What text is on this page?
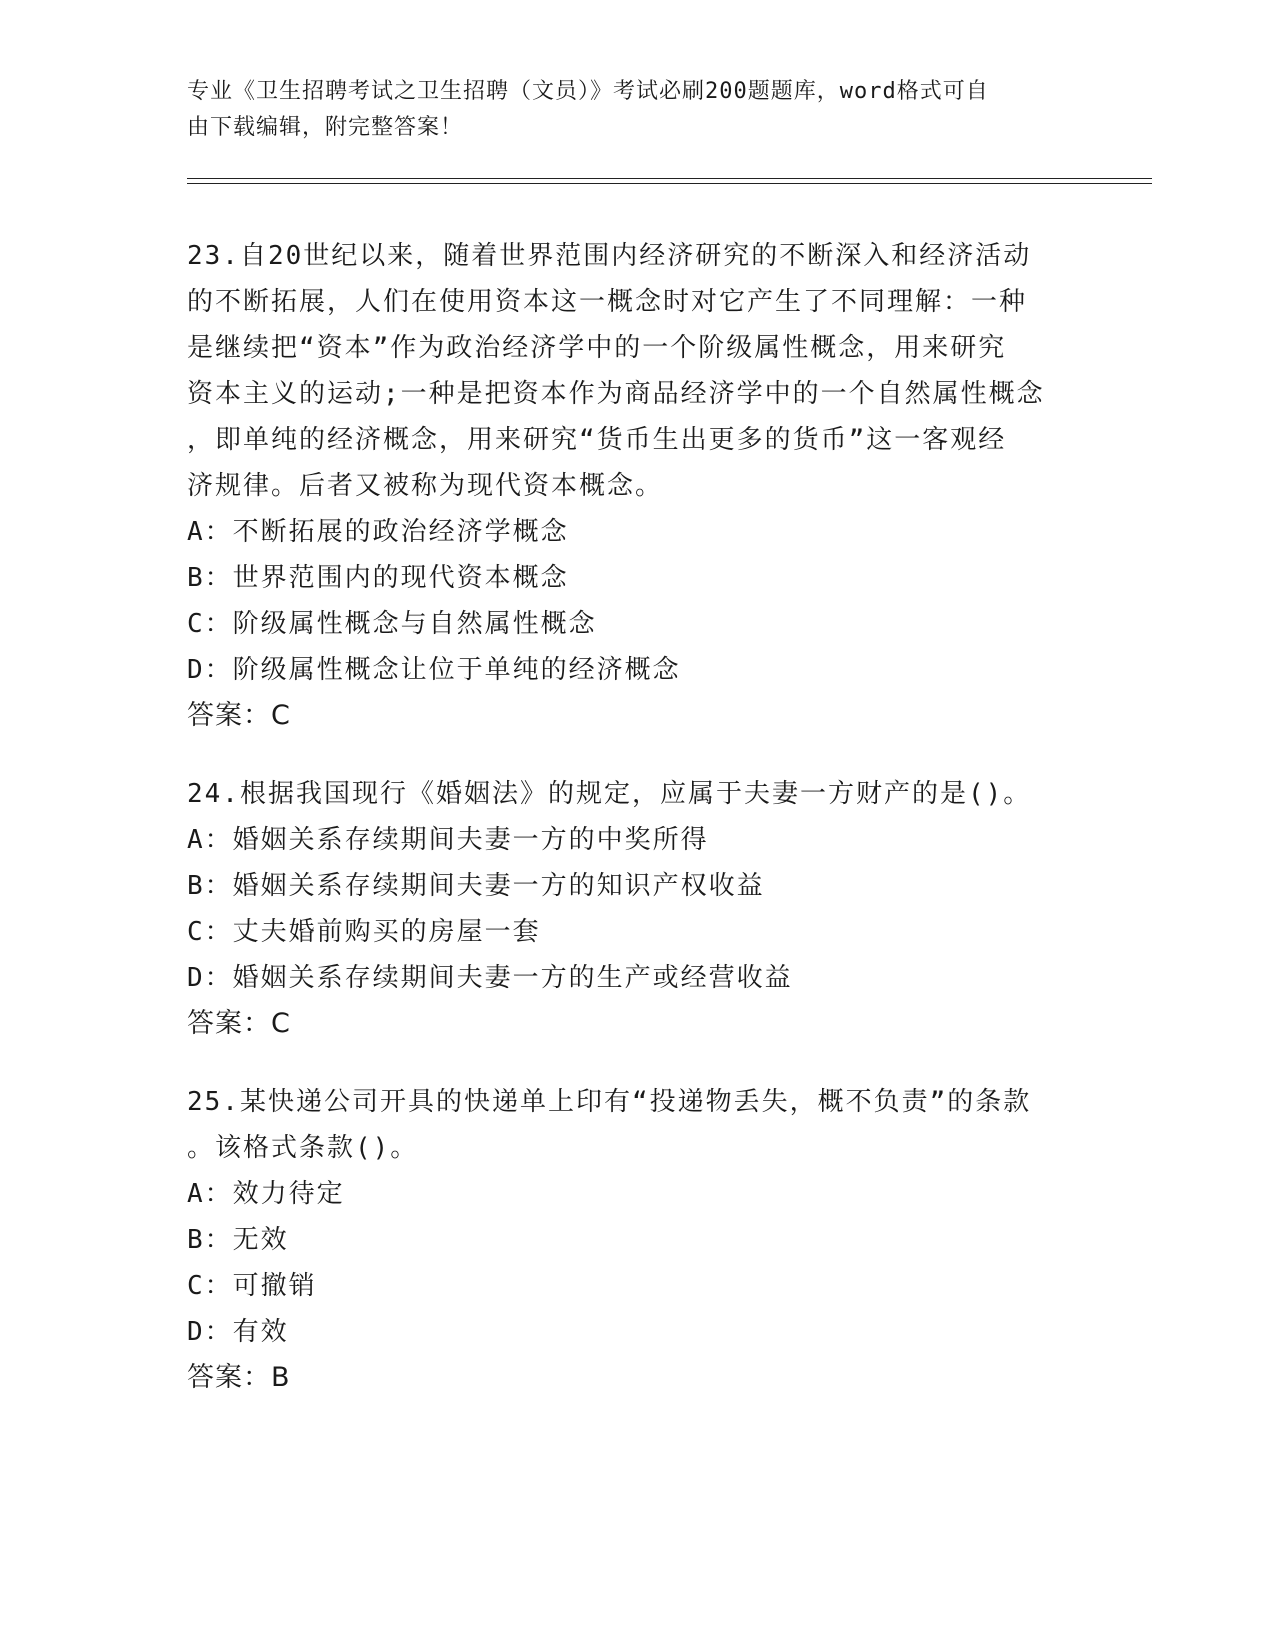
专业《卫生招聘考试之卫生招聘（文员）》考试必刷200题题库，word格式可自
由下载编辑，附完整答案！

23.自20世纪以来，随着世界范围内经济研究的不断深入和经济活动
的不断拓展，人们在使用资本这一概念时对它产生了不同理解：一种
是继续把“资本”作为政治经济学中的一个阶级属性概念，用来研究
资本主义的运动;一种是把资本作为商品经济学中的一个自然属性概念
，即单纯的经济概念，用来研究“货币生出更多的货币”这一客观经
济规律。后者又被称为现代资本概念。

A：不断拓展的政治经济学概念

B：世界范围内的现代资本概念

C：阶级属性概念与自然属性概念

D：阶级属性概念让位于单纯的经济概念

答案：C

24.根据我国现行《婚姻法》的规定，应属于夫妻一方财产的是()。

A：婚姻关系存续期间夫妻一方的中奖所得

B：婚姻关系存续期间夫妻一方的知识产权收益

C：丈夫婚前购买的房屋一套

D：婚姻关系存续期间夫妻一方的生产或经营收益

答案：C

25.某快递公司开具的快递单上印有“投递物丢失，概不负责”的条款
。该格式条款()。

A：效力待定

B：无效

C：可撤销

D：有效

答案：B
